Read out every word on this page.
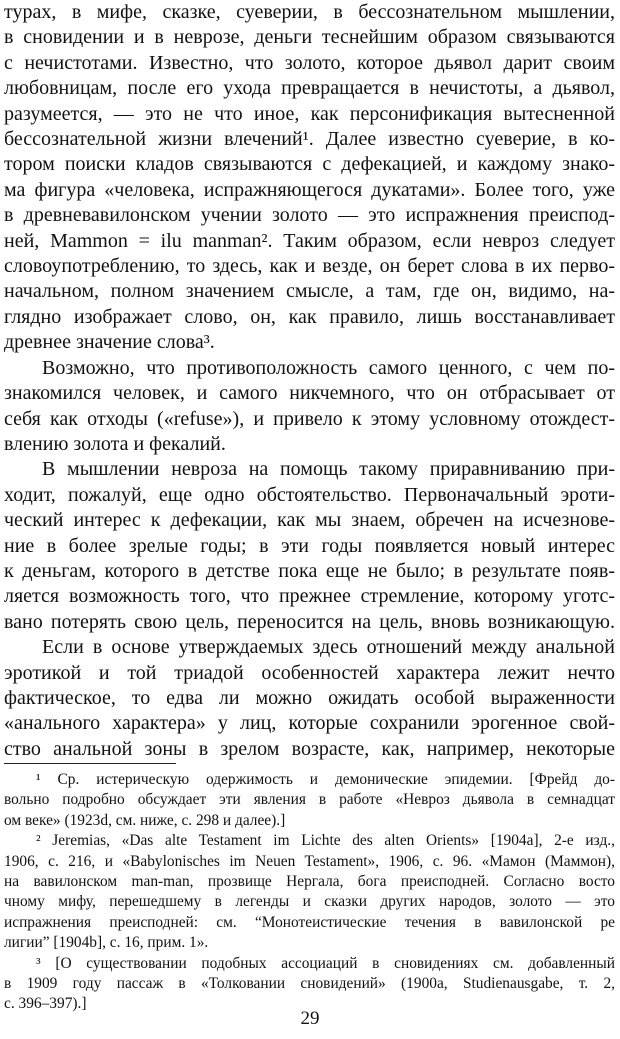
турах, в мифе, сказке, суеверии, в бессознательном мышлении,
в сновидении и в неврозе, деньги теснейшим образом связываются
с нечистотами. Известно, что золото, которое дьявол дарит своим
любовницам, после его ухода превращается в нечистоты, а дьявол,
разумеется, — это не что иное, как персонификация вытесненной
бессознательной жизни влечений¹. Далее известно суеверие, в ко-
тором поиски кладов связываются с дефекацией, и каждому знако-
ма фигура «человека, испражняющегося дукатами». Более того, уже
в древневавилонском учении золото — это испражнения преиспод-
ней, Mammon = ilu manman². Таким образом, если невроз следует
словоупотреблению, то здесь, как и везде, он берет слова в их перво-
начальном, полном значением смысле, а там, где он, видимо, на-
глядно изображает слово, он, как правило, лишь восстанавливает
древнее значение слова³.
Возможно, что противоположность самого ценного, с чем по-
знакомился человек, и самого никчемного, что он отбрасывает от
себя как отходы («refuse»), и привело к этому условному отождест-
влению золота и фекалий.
В мышлении невроза на помощь такому приравниванию при-
ходит, пожалуй, еще одно обстоятельство. Первоначальный эроти-
ческий интерес к дефекации, как мы знаем, обречен на исчезнове-
ние в более зрелые годы; в эти годы появляется новый интерес
к деньгам, которого в детстве пока еще не было; в результате появ-
ляется возможность того, что прежнее стремление, которому уготс-
вано потерять свою цель, переносится на цель, вновь возникающую.
Если в основе утверждаемых здесь отношений между анальной
эротикой и той триадой особенностей характера лежит нечто
фактическое, то едва ли можно ожидать особой выраженности
«анального характера» у лиц, которые сохранили эрогенное свой-
ство анальной зоны в зрелом возрасте, как, например, некоторые
¹ Ср. истерическую одержимость и демонические эпидемии. [Фрейд до-
вольно подробно обсуждает эти явления в работе «Невроз дьявола в семнадцат
ом веке» (1923d, см. ниже, с. 298 и далее).]
² Jeremias, «Das alte Testament im Lichte des alten Orients» [1904a], 2-е изд.,
1906, с. 216, и «Babylonisches im Neuen Testament», 1906, с. 96. «Мамон (Маммон),
на вавилонском man-man, прозвище Нергала, бога преисподней. Согласно восто
чному мифу, перешедшему в легенды и сказки других народов, золото — это
испражнения преисподней: см. “Монотеистические течения в вавилонской ре
лигии” [1904b], с. 16, прим. 1».
³ [О существовании подобных ассоциаций в сновидениях см. добавленный
в 1909 году пассаж в «Толковании сновидений» (1900a, Studienausgabe, т. 2,
с. 396–397).]
29
